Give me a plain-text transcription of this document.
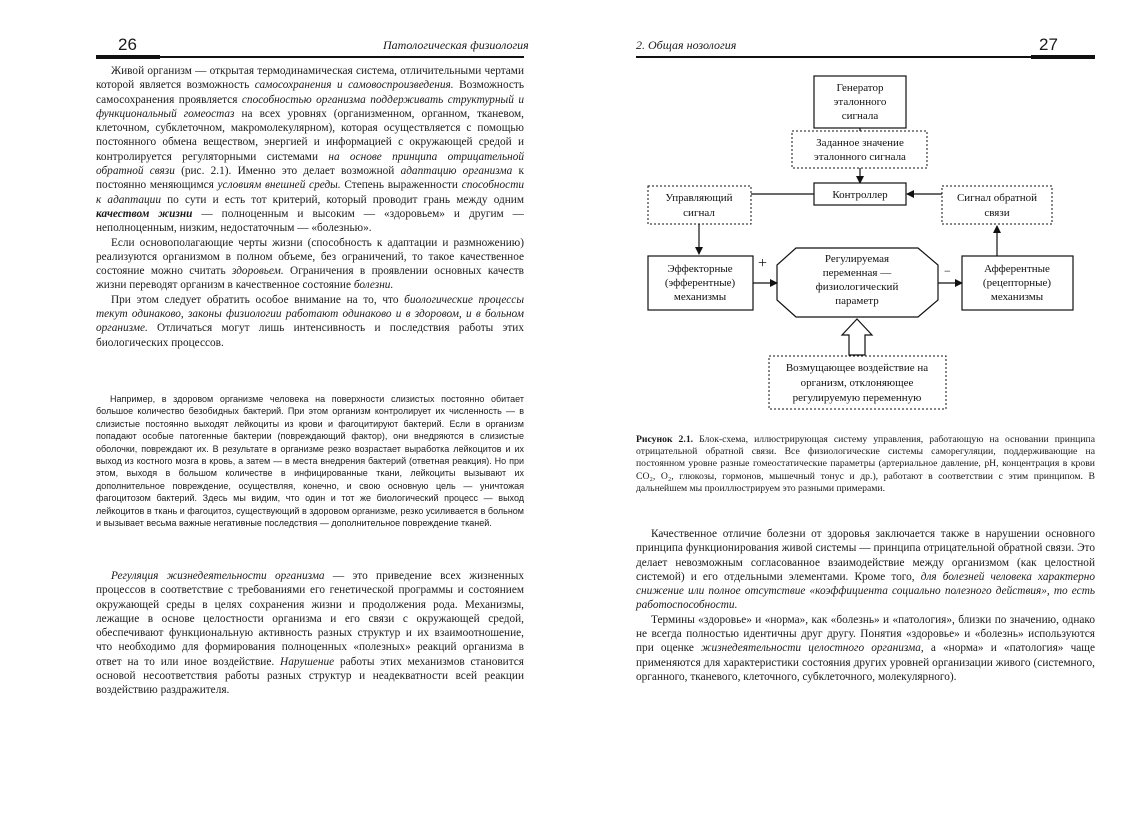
26	Патологическая физиология

Живой организм — открытая термодинамическая система, отличительными чертами которой является возможность самосохранения и самовоспроизведения. Возможность самосохранения проявляется способностью организма поддерживать структурный и функциональный гомеостаз на всех уровнях (организменном, органном, тканевом, клеточном, субклеточном, макромолекулярном), которая осуществляется с помощью постоянного обмена веществом, энергией и информацией с окружающей средой и контролируется регуляторными системами на основе принципа отрицательной обратной связи (рис. 2.1). Именно это делает возможной адаптацию организма к постоянно меняющимся условиям внешней среды. Степень выраженности способности к адаптации по сути и есть тот критерий, который проводит грань между одним качеством жизни — полноценным и высоким — «здоровьем» и другим — неполноценным, низким, недостаточным — «болезнью».

Если основополагающие черты жизни (способность к адаптации и размножению) реализуются организмом в полном объеме, без ограничений, то такое качественное состояние можно считать здоровьем. Ограничения в проявлении основных качеств жизни переводят организм в качественное состояние болезни.

При этом следует обратить особое внимание на то, что биологические процессы текут одинаково, законы физиологии работают одинаково и в здоровом, и в больном организме. Отличаться могут лишь интенсивность и последствия работы этих биологических процессов.

Например, в здоровом организме человека на поверхности слизистых постоянно обитает большое количество безобидных бактерий. При этом организм контролирует их численность — в слизистые постоянно выходят лейкоциты из крови и фагоцитируют бактерий. Если в организм попадают особые патогенные бактерии (повреждающий фактор), они внедряются в слизистые оболочки, повреждают их. В результате в организме резко возрастает выработка лейкоцитов и их выход из костного мозга в кровь, а затем — в места внедрения бактерий (ответная реакция). Но при этом, выходя в большом количестве в инфицированные ткани, лейкоциты вызывают их дополнительное повреждение, осуществляя, конечно, и свою основную цель — уничтожая фагоцитозом бактерий. Здесь мы видим, что один и тот же биологический процесс — выход лейкоцитов в ткань и фагоцитоз, существующий в здоровом организме, резко усиливается в больном и вызывает весьма важные негативные последствия — дополнительное повреждение тканей.

Регуляция жизнедеятельности организма — это приведение всех жизненных процессов в соответствие с требованиями его генетической программы и состоянием окружающей среды в целях сохранения жизни и продолжения рода. Механизмы, лежащие в основе целостности организма и его связи с окружающей средой, обеспечивают функциональную активность разных структур и их взаимоотношение, что необходимо для формирования полноценных «полезных» реакций организма в ответ на то или иное воздействие. Нарушение работы этих механизмов становится основой несоответствия работы разных структур и неадекватности всей реакции воздействию раздражителя.

2. Общая нозология	27
Генератор
эталонного
сигнала
Заданное значение
эталонного сигнала
Контроллер
Управляющий
сигнал
Сигнал обратной
связи
Эффекторные
(эфферентные)
механизмы
Регулируемая
переменная —
физиологический
параметр
+	−	Афферентные
(рецепторные)
механизмы
Возмущающее воздействие на
организм, отклоняющее
регулируемую переменную

Рисунок 2.1. Блок-схема, иллюстрирующая систему управления, работающую на основании принципа отрицательной обратной связи. Все физиологические системы саморегуляции, поддерживающие на постоянном уровне разные гомеостатические параметры (артериальное давление, pH, концентрация в крови CO₂, O₂, глюкозы, гормонов, мышечный тонус и др.), работают в соответствии с этим принципом. В дальнейшем мы проиллюстрируем это разными примерами.

Качественное отличие болезни от здоровья заключается также в нарушении основного принципа функционирования живой системы — принципа отрицательной обратной связи. Это делает невозможным согласованное взаимодействие между организмом (как целостной системой) и его отдельными элементами. Кроме того, для болезней человека характерно снижение или полное отсутствие «коэффициента социально полезного действия», то есть работоспособности.

Термины «здоровье» и «норма», как «болезнь» и «патология», близки по значению, однако не всегда полностью идентичны друг другу. Понятия «здоровье» и «болезнь» используются при оценке жизнедеятельности целостного организма, а «норма» и «патология» чаще применяются для характеристики состояния других уровней организации живого (системного, органного, тканевого, клеточного, субклеточного, молекулярного).
